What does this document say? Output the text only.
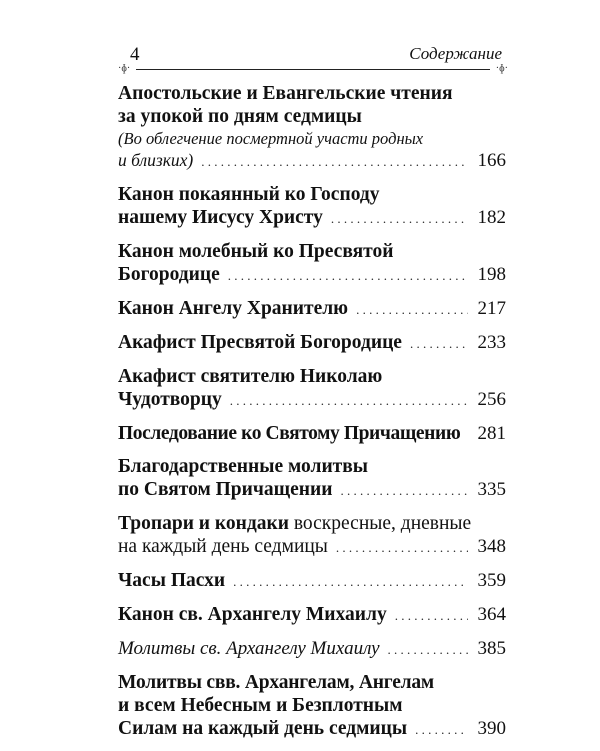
4	Содержание
·ɸ·	·ɸ·
Апостольские и Евангельские чтения
за упокой по дням седмицы
(Во облегчение посмертной участи родных
и близких) . . .	166
Канон покаянный ко Господу
нашему Иисусу Христу . . .	182
Канон молебный ко Пресвятой
Богородице . . .	198
Канон Ангелу Хранителю . . .	217
Акафист Пресвятой Богородице . . .	233
Акафист святителю Николаю
Чудотворцу . . .	256
Последование ко Святому Причащению 281
Благодарственные молитвы
по Святом Причащении . . .	335
Тропари и кондаки воскресные, дневные
на каждый день седмицы . . .	348
Часы Пасхи . . .	359
Канон св. Архангелу Михаилу . . .	364
Молитвы св. Архангелу Михаилу . . .	385
Молитвы свв. Архангелам, Ангелам
и всем Небесным и Безплотным
Силам на каждый день седмицы . . .	390
